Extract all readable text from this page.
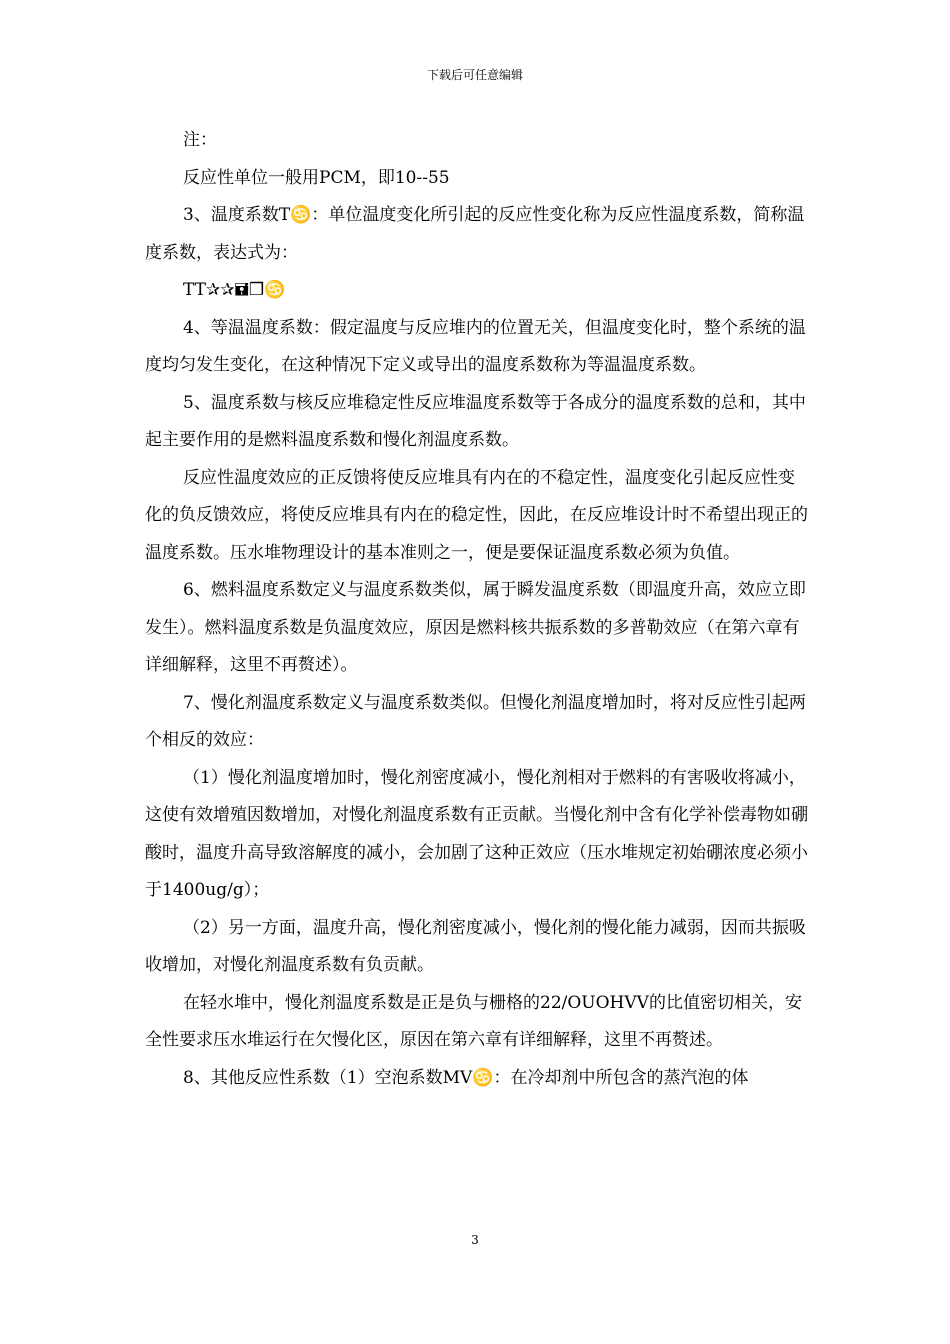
下载后可任意编辑

注：

反应性单位一般用PCM，即10--55

3、温度系数T♋：单位温度变化所引起的反应性变化称为反应性温度系数，简称温度系数，表达式为：

TT✰✰🖬❒♋

4、等温温度系数：假定温度与反应堆内的位置无关，但温度变化时，整个系统的温度均匀发生变化，在这种情况下定义或导出的温度系数称为等温温度系数。

5、温度系数与核反应堆稳定性反应堆温度系数等于各成分的温度系数的总和，其中起主要作用的是燃料温度系数和慢化剂温度系数。

反应性温度效应的正反馈将使反应堆具有内在的不稳定性，温度变化引起反应性变化的负反馈效应，将使反应堆具有内在的稳定性，因此，在反应堆设计时不希望出现正的温度系数。压水堆物理设计的基本准则之一，便是要保证温度系数必须为负值。

6、燃料温度系数定义与温度系数类似，属于瞬发温度系数（即温度升高，效应立即发生）。燃料温度系数是负温度效应，原因是燃料核共振系数的多普勒效应（在第六章有详细解释，这里不再赘述）。

7、慢化剂温度系数定义与温度系数类似。但慢化剂温度增加时，将对反应性引起两个相反的效应：

（1）慢化剂温度增加时，慢化剂密度减小，慢化剂相对于燃料的有害吸收将减小，这使有效增殖因数增加，对慢化剂温度系数有正贡献。当慢化剂中含有化学补偿毒物如硼酸时，温度升高导致溶解度的减小，会加剧了这种正效应（压水堆规定初始硼浓度必须小于1400ug/g）；

（2）另一方面，温度升高，慢化剂密度减小，慢化剂的慢化能力减弱，因而共振吸收增加，对慢化剂温度系数有负贡献。

在轻水堆中，慢化剂温度系数是正是负与栅格的22/OUOHVV的比值密切相关，安全性要求压水堆运行在欠慢化区，原因在第六章有详细解释，这里不再赘述。

8、其他反应性系数（1）空泡系数MV♋：在冷却剂中所包含的蒸汽泡的体

3
